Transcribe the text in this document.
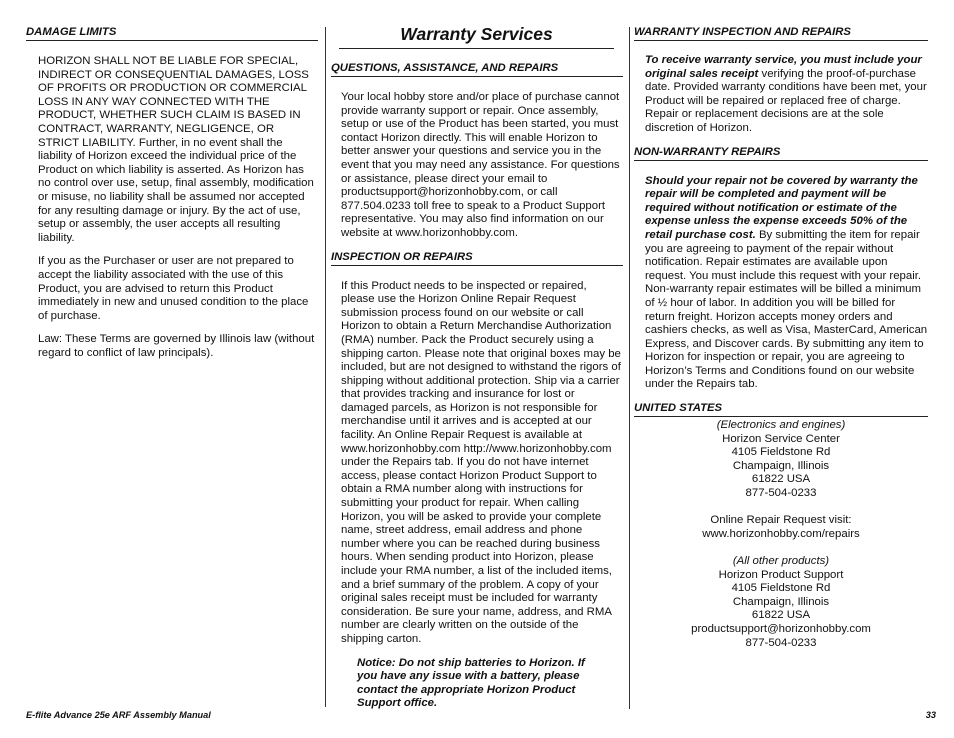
DAMAGE LIMITS

HORIZON SHALL NOT BE LIABLE FOR SPECIAL, INDIRECT OR CONSEQUENTIAL DAMAGES, LOSS OF PROFITS OR PRODUCTION OR COMMERCIAL LOSS IN ANY WAY CONNECTED WITH THE PRODUCT, WHETHER SUCH CLAIM IS BASED IN CONTRACT, WARRANTY, NEGLIGENCE, OR STRICT LIABILITY. Further, in no event shall the liability of Horizon exceed the individual price of the Product on which liability is asserted. As Horizon has no control over use, setup, final assembly, modification or misuse, no liability shall be assumed nor accepted for any resulting damage or injury. By the act of use, setup or assembly, the user accepts all resulting liability.

If you as the Purchaser or user are not prepared to accept the liability associated with the use of this Product, you are advised to return this Product immediately in new and unused condition to the place of purchase.

Law: These Terms are governed by Illinois law (without regard to conflict of law principals).

Warranty Services
QUESTIONS, ASSISTANCE, AND REPAIRS

Your local hobby store and/or place of purchase cannot provide warranty support or repair. Once assembly, setup or use of the Product has been started, you must contact Horizon directly. This will enable Horizon to better answer your questions and service you in the event that you may need any assistance. For questions or assistance, please direct your email to productsupport@horizonhobby.com, or call 877.504.0233 toll free to speak to a Product Support representative. You may also find information on our website at www.horizonhobby.com.

INSPECTION OR REPAIRS

If this Product needs to be inspected or repaired, please use the Horizon Online Repair Request submission process found on our website or call Horizon to obtain a Return Merchandise Authorization (RMA) number. Pack the Product securely using a shipping carton. Please note that original boxes may be included, but are not designed to withstand the rigors of shipping without additional protection. Ship via a carrier that provides tracking and insurance for lost or damaged parcels, as Horizon is not responsible for merchandise until it arrives and is accepted at our facility. An Online Repair Request is available at www.horizonhobby.com http://www.horizonhobby.com under the Repairs tab. If you do not have internet access, please contact Horizon Product Support to obtain a RMA number along with instructions for submitting your product for repair. When calling Horizon, you will be asked to provide your complete name, street address, email address and phone number where you can be reached during business hours. When sending product into Horizon, please include your RMA number, a list of the included items, and a brief summary of the problem. A copy of your original sales receipt must be included for warranty consideration. Be sure your name, address, and RMA number are clearly written on the outside of the shipping carton.

Notice: Do not ship batteries to Horizon. If you have any issue with a battery, please contact the appropriate Horizon Product Support office.

WARRANTY INSPECTION AND REPAIRS

To receive warranty service, you must include your original sales receipt verifying the proof-of-purchase date. Provided warranty conditions have been met, your Product will be repaired or replaced free of charge. Repair or replacement decisions are at the sole discretion of Horizon.

NON-WARRANTY REPAIRS

Should your repair not be covered by warranty the repair will be completed and payment will be required without notification or estimate of the expense unless the expense exceeds 50% of the retail purchase cost. By submitting the item for repair you are agreeing to payment of the repair without notification. Repair estimates are available upon request. You must include this request with your repair. Non-warranty repair estimates will be billed a minimum of ½ hour of labor. In addition you will be billed for return freight. Horizon accepts money orders and cashiers checks, as well as Visa, MasterCard, American Express, and Discover cards. By submitting any item to Horizon for inspection or repair, you are agreeing to Horizon’s Terms and Conditions found on our website under the Repairs tab.

UNITED STATES
(Electronics and engines)
Horizon Service Center
4105 Fieldstone Rd
Champaign, Illinois
61822 USA
877-504-0233
Online Repair Request visit:
www.horizonhobby.com/repairs
(All other products)
Horizon Product Support
4105 Fieldstone Rd
Champaign, Illinois
61822 USA
productsupport@horizonhobby.com
877-504-0233
E-flite Advance 25e ARF Assembly Manual	33
